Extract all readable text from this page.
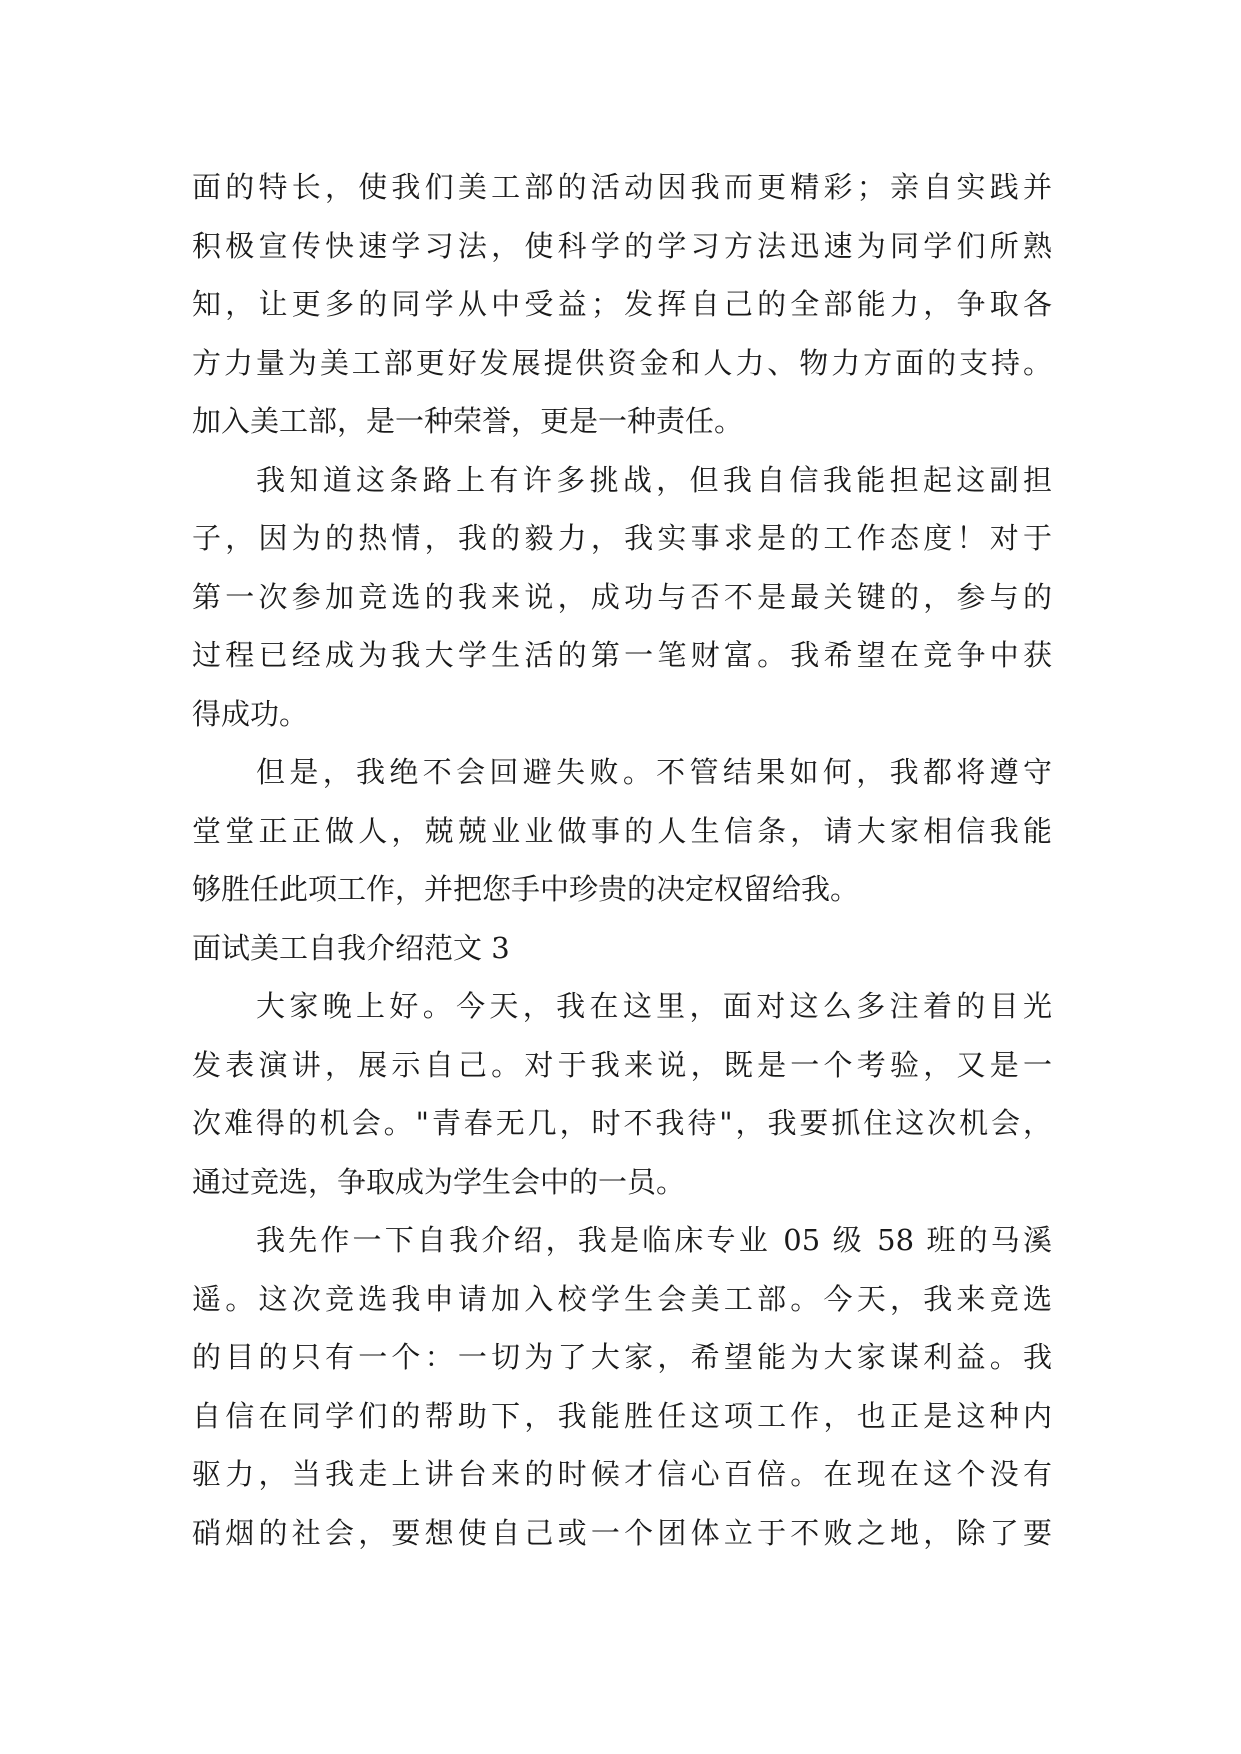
面的特长，使我们美工部的活动因我而更精彩；亲自实践并
积极宣传快速学习法，使科学的学习方法迅速为同学们所熟
知，让更多的同学从中受益；发挥自己的全部能力，争取各
方力量为美工部更好发展提供资金和人力、物力方面的支持。
加入美工部，是一种荣誉，更是一种责任。
我知道这条路上有许多挑战，但我自信我能担起这副担
子，因为的热情，我的毅力，我实事求是的工作态度！对于
第一次参加竞选的我来说，成功与否不是最关键的，参与的
过程已经成为我大学生活的第一笔财富。我希望在竞争中获
得成功。
但是，我绝不会回避失败。不管结果如何，我都将遵守
堂堂正正做人，兢兢业业做事的人生信条，请大家相信我能
够胜任此项工作，并把您手中珍贵的决定权留给我。
面试美工自我介绍范文 3
大家晚上好。今天，我在这里，面对这么多注着的目光
发表演讲，展示自己。对于我来说，既是一个考验，又是一
次难得的机会。"青春无几，时不我待"，我要抓住这次机会，
通过竞选，争取成为学生会中的一员。
我先作一下自我介绍，我是临床专业 05 级 58 班的马溪
遥。这次竞选我申请加入校学生会美工部。今天，我来竞选
的目的只有一个：一切为了大家，希望能为大家谋利益。我
自信在同学们的帮助下，我能胜任这项工作，也正是这种内
驱力，当我走上讲台来的时候才信心百倍。在现在这个没有
硝烟的社会，要想使自己或一个团体立于不败之地，除了要
